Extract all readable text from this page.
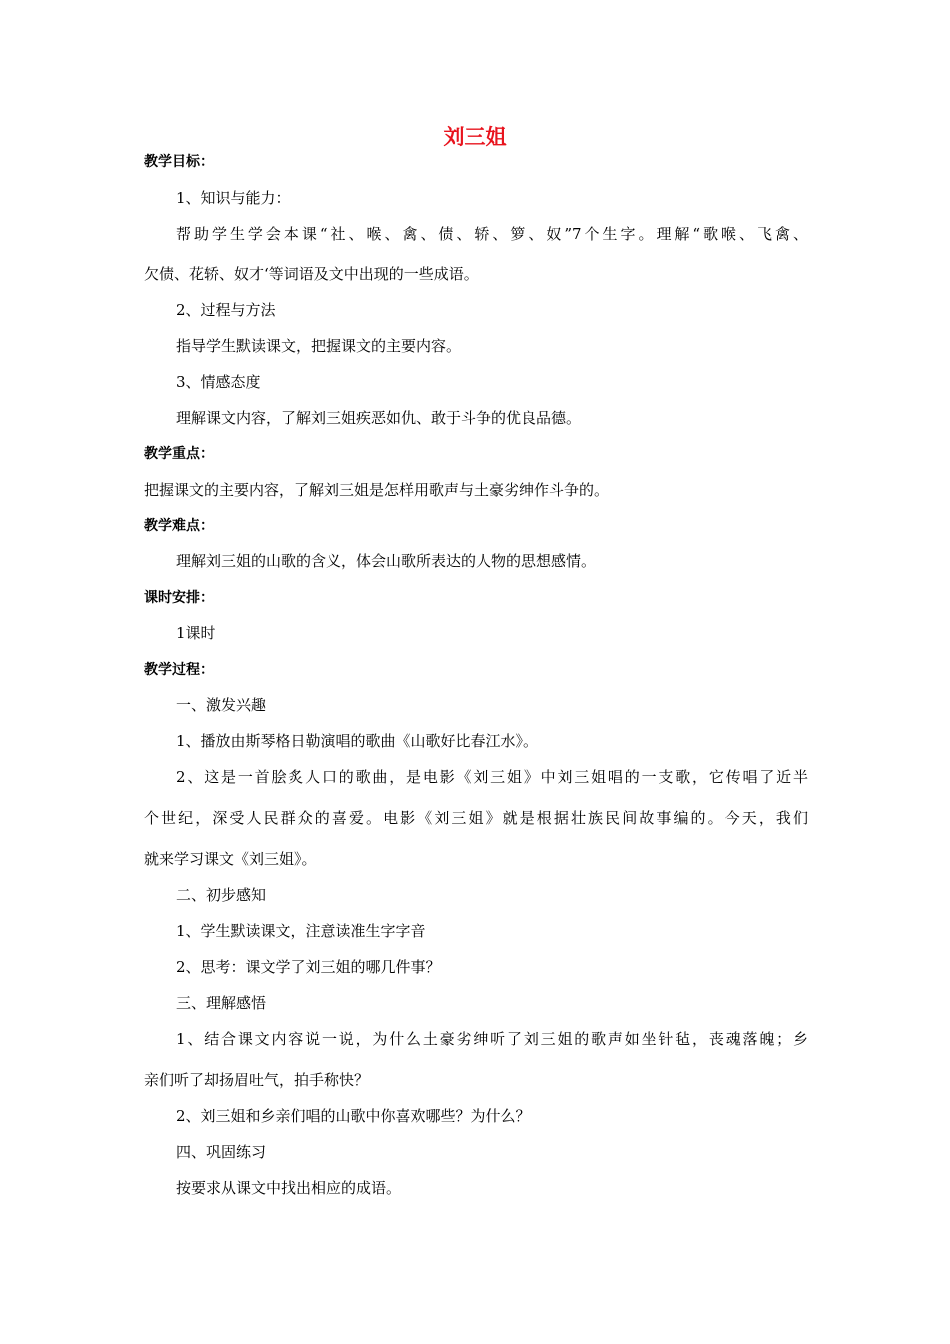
刘三姐
教学目标：
1、知识与能力：
帮助学生学会本课“社、喉、禽、债、轿、箩、奴”7个生字。理解“歌喉、飞禽、
欠债、花轿、奴才‘等词语及文中出现的一些成语。
2、过程与方法
指导学生默读课文，把握课文的主要内容。
3、情感态度
理解课文内容，了解刘三姐疾恶如仇、敢于斗争的优良品德。
教学重点：
把握课文的主要内容，了解刘三姐是怎样用歌声与土豪劣绅作斗争的。
教学难点：
理解刘三姐的山歌的含义，体会山歌所表达的人物的思想感情。
课时安排：
1课时
教学过程：
一、激发兴趣
1、播放由斯琴格日勒演唱的歌曲《山歌好比春江水》。
2、这是一首脍炙人口的歌曲，是电影《刘三姐》中刘三姐唱的一支歌，它传唱了近半
个世纪，深受人民群众的喜爱。电影《刘三姐》就是根据壮族民间故事编的。今天，我们
就来学习课文《刘三姐》。
二、初步感知
1、学生默读课文，注意读准生字字音
2、思考：课文学了刘三姐的哪几件事？
三、理解感悟
1、结合课文内容说一说，为什么土豪劣绅听了刘三姐的歌声如坐针毡，丧魂落魄；乡
亲们听了却扬眉吐气，拍手称快？
2、刘三姐和乡亲们唱的山歌中你喜欢哪些？为什么？
四、巩固练习
按要求从课文中找出相应的成语。
